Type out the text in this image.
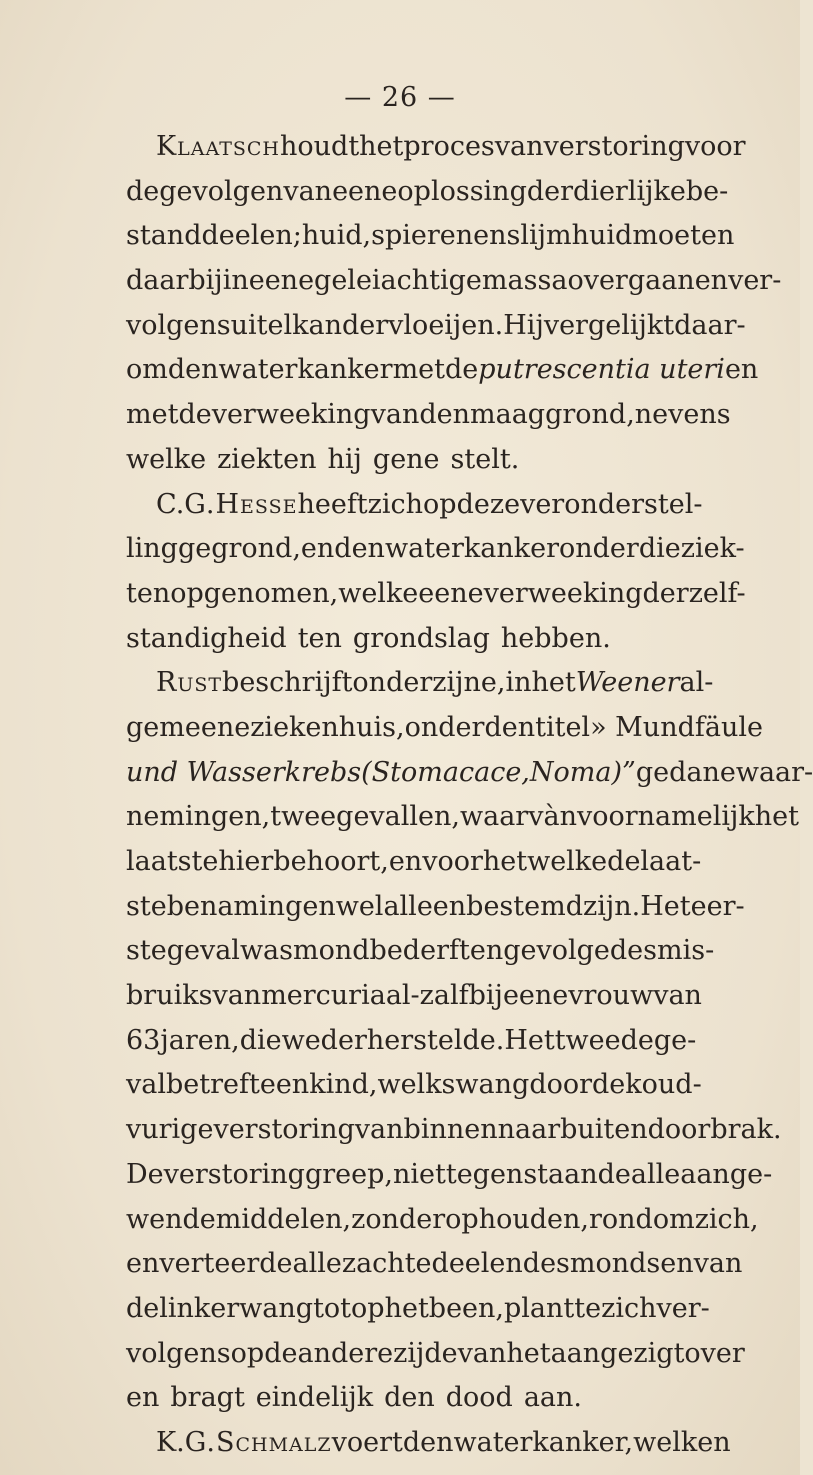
— 26 —
Klaatsch houdt het proces van verstoring voor
de gevolgen van eene oplossing der dierlijke be-
standdeelen; huid, spieren en slijmhuid moeten
daarbij in eene geleiachtige massa overgaan en ver-
volgens uit elkander vloeijen. Hij vergelijkt daar-
om den waterkanker met de putrescentia uteri en
met de verweeking van den maaggrond, nevens
welke ziekten hij gene stelt.
C. G. Hesse heeft zich op deze veronderstel-
ling gegrond, en den waterkanker onder die ziek-
ten opgenomen, welke eene verweeking der zelf-
standigheid ten grondslag hebben.
Rust beschrijft onder zijne, in het Weener al-
gemeene ziekenhuis, onder den titel » Mundfäule
und Wasserkrebs (Stomacace, Noma)” gedane waar-
nemingen, twee gevallen, waarvàn voornamelijk het
laatste hier behoort, en voor hetwelke de laat-
ste benamingen wel alleen bestemd zijn. Het eer-
ste geval was mondbederf ten gevolge des mis-
bruiks van mercuriaal-zalf bij eene vrouw van
63 jaren, die weder herstelde. Het tweede ge-
val betreft een kind, welks wang door de koud-
vurige verstoring van binnen naar buiten doorbrak.
De verstoring greep, niettegenstaande alle aange-
wende middelen, zonder ophouden, rondom zich,
en verteerde alle zachte deelen des monds en van
de linker wang tot op het been, plantte zich ver-
volgens op de andere zijde van het aangezigt over
en bragt eindelijk den dood aan.
K. G. Schmalz voert den waterkanker, welken
